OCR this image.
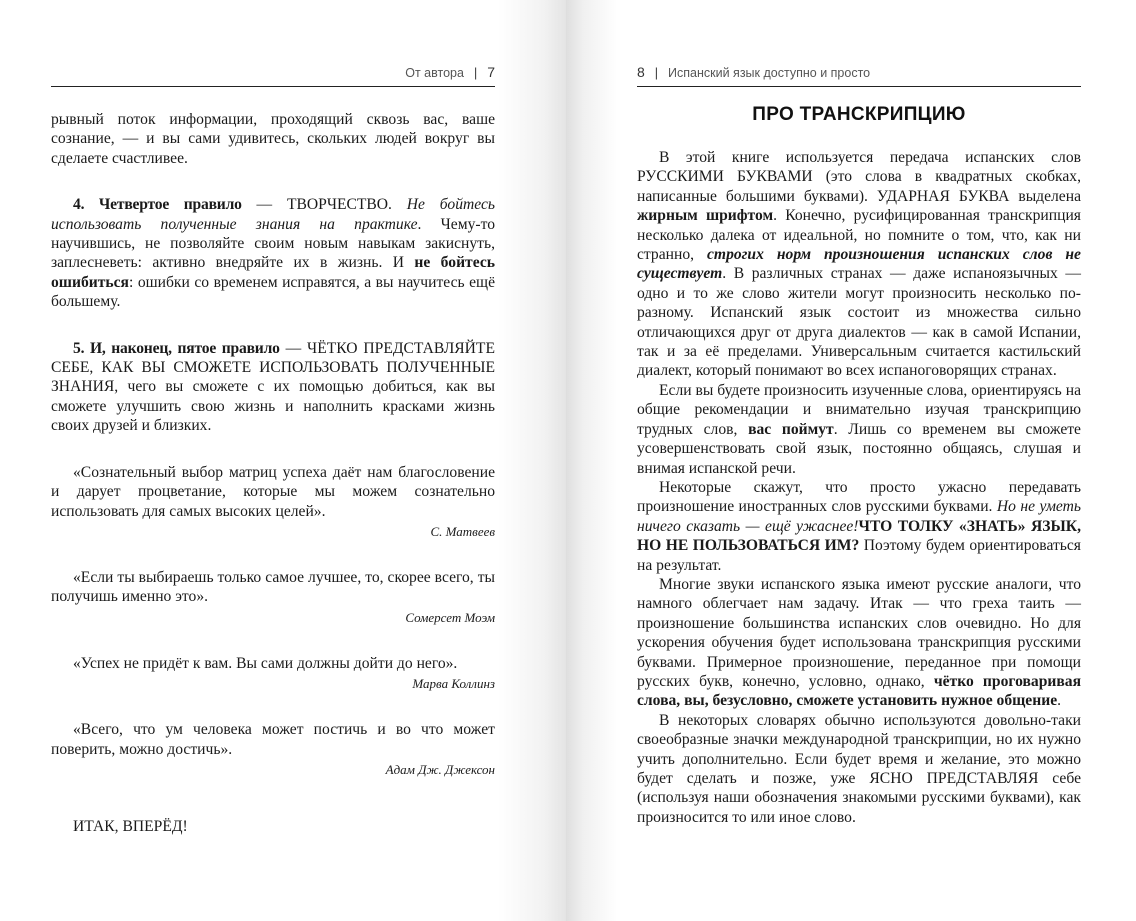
От автора | 7

рывный поток информации, проходящий сквозь вас, ваше сознание, — и вы сами удивитесь, скольких людей вокруг вы сделаете счастливее.

4. Четвертое правило — ТВОРЧЕСТВО. Не бойтесь использовать полученные знания на практике. Чему-то научившись, не позволяйте своим новым навыкам закиснуть, заплесневеть: активно внедряйте их в жизнь. И не бойтесь ошибиться: ошибки со временем исправятся, а вы научитесь ещё большему.

5. И, наконец, пятое правило — ЧЁТКО ПРЕДСТАВЛЯЙТЕ СЕБЕ, КАК ВЫ СМОЖЕТЕ ИСПОЛЬЗОВАТЬ ПОЛУЧЕННЫЕ ЗНАНИЯ, чего вы сможете с их помощью добиться, как вы сможете улучшить свою жизнь и наполнить красками жизнь своих друзей и близких.

«Сознательный выбор матриц успеха даёт нам благословение и дарует процветание, которые мы можем сознательно использовать для самых высоких целей».

С. Матвеев

«Если ты выбираешь только самое лучшее, то, скорее всего, ты получишь именно это».

Сомерсет Моэм

«Успех не придёт к вам. Вы сами должны дойти до него».

Марва Коллинз

«Всего, что ум человека может постичь и во что может поверить, можно достичь».

Адам Дж. Джексон

ИТАК, ВПЕРЁД!

8 | Испанский язык доступно и просто
ПРО ТРАНСКРИПЦИЮ

В этой книге используется передача испанских слов РУССКИМИ БУКВАМИ (это слова в квадратных скобках, написанные большими буквами). УДАРНАЯ БУКВА выделена жирным шрифтом. Конечно, русифицированная транскрипция несколько далека от идеальной, но помните о том, что, как ни странно, строгих норм произношения испанских слов не существует. В различных странах — даже испаноязычных — одно и то же слово жители могут произносить несколько по-разному. Испанский язык состоит из множества сильно отличающихся друг от друга диалектов — как в самой Испании, так и за её пределами. Универсальным считается кастильский диалект, который понимают во всех испаноговорящих странах.

Если вы будете произносить изученные слова, ориентируясь на общие рекомендации и внимательно изучая транскрипцию трудных слов, вас поймут. Лишь со временем вы сможете усовершенствовать свой язык, постоянно общаясь, слушая и внимая испанской речи.

Некоторые скажут, что просто ужасно передавать произношение иностранных слов русскими буквами. Но не уметь ничего сказать — ещё ужаснее!ЧТО ТОЛКУ «ЗНАТЬ» ЯЗЫК, НО НЕ ПОЛЬЗОВАТЬСЯ ИМ? Поэтому будем ориентироваться на результат.

Многие звуки испанского языка имеют русские аналоги, что намного облегчает нам задачу. Итак — что греха таить — произношение большинства испанских слов очевидно. Но для ускорения обучения будет использована транскрипция русскими буквами. Примерное произношение, переданное при помощи русских букв, конечно, условно, однако, чётко проговаривая слова, вы, безусловно, сможете установить нужное общение.

В некоторых словарях обычно используются довольно-таки своеобразные значки международной транскрипции, но их нужно учить дополнительно. Если будет время и желание, это можно будет сделать и позже, уже ЯСНО ПРЕДСТАВЛЯЯ себе (используя наши обозначения знакомыми русскими буквами), как произносится то или иное слово.
